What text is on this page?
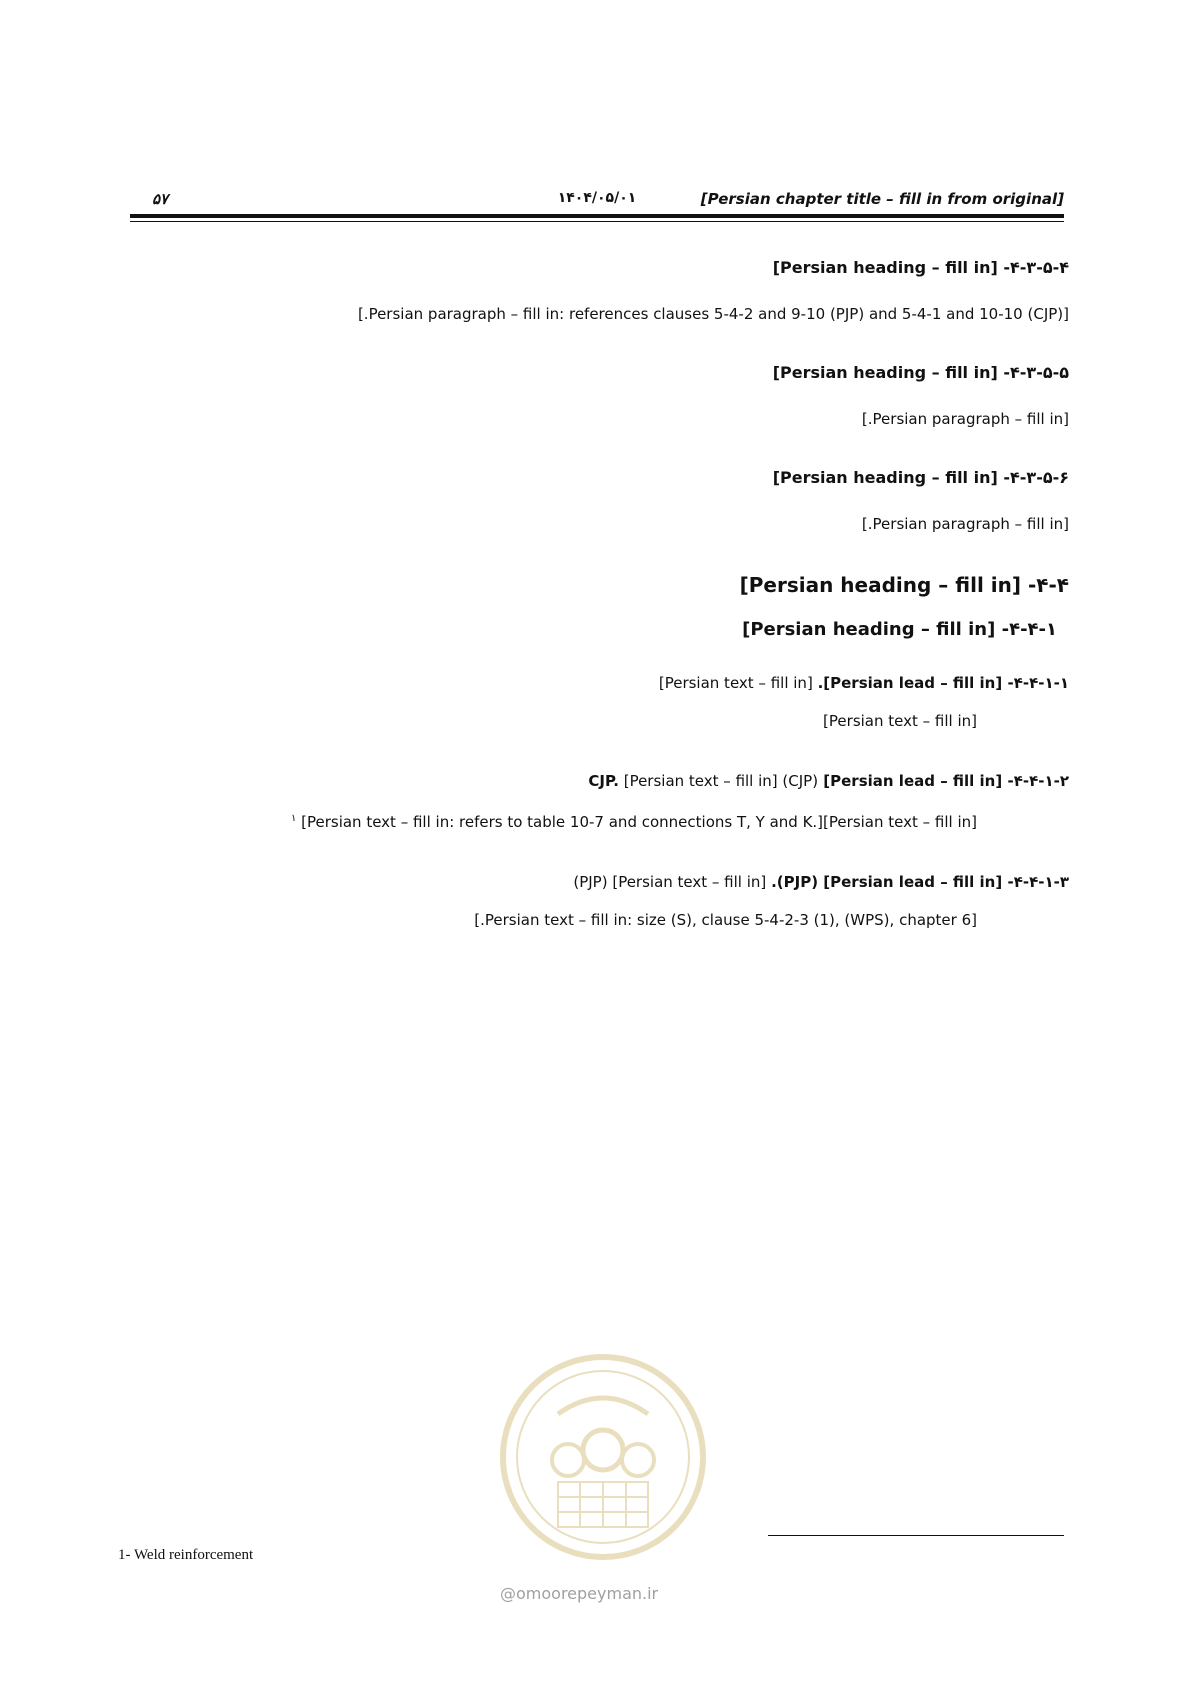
[Persian chapter title – fill in from original]
۱۴۰۴/۰۵/۰۱
۵۷
۴-۳-۵-۴- [Persian heading – fill in]

[Persian paragraph – fill in: references clauses 5-4-2 and 9-10 (PJP) and 5-4-1 and 10-10 (CJP).]

۴-۳-۵-۵- [Persian heading – fill in]

[Persian paragraph – fill in.]

۴-۳-۵-۶- [Persian heading – fill in]

[Persian paragraph – fill in.]

۴-۴- [Persian heading – fill in]
۴-۴-۱- [Persian heading – fill in]
۴-۴-۱-۱- [Persian lead – fill in]. [Persian text – fill in]
[Persian text – fill in]
۴-۴-۱-۲- [Persian lead – fill in] CJP. [Persian text – fill in] (CJP)
[Persian text – fill in]$^۱$ [Persian text – fill in: refers to table 10-7 and connections T, Y and K.]
۴-۴-۱-۳- [Persian lead – fill in] (PJP). [Persian text – fill in] (PJP)
[Persian text – fill in: size (S), clause 5-4-2-3 (1), (WPS), chapter 6.]
@omoorepeyman.ir
1- Weld reinforcement
